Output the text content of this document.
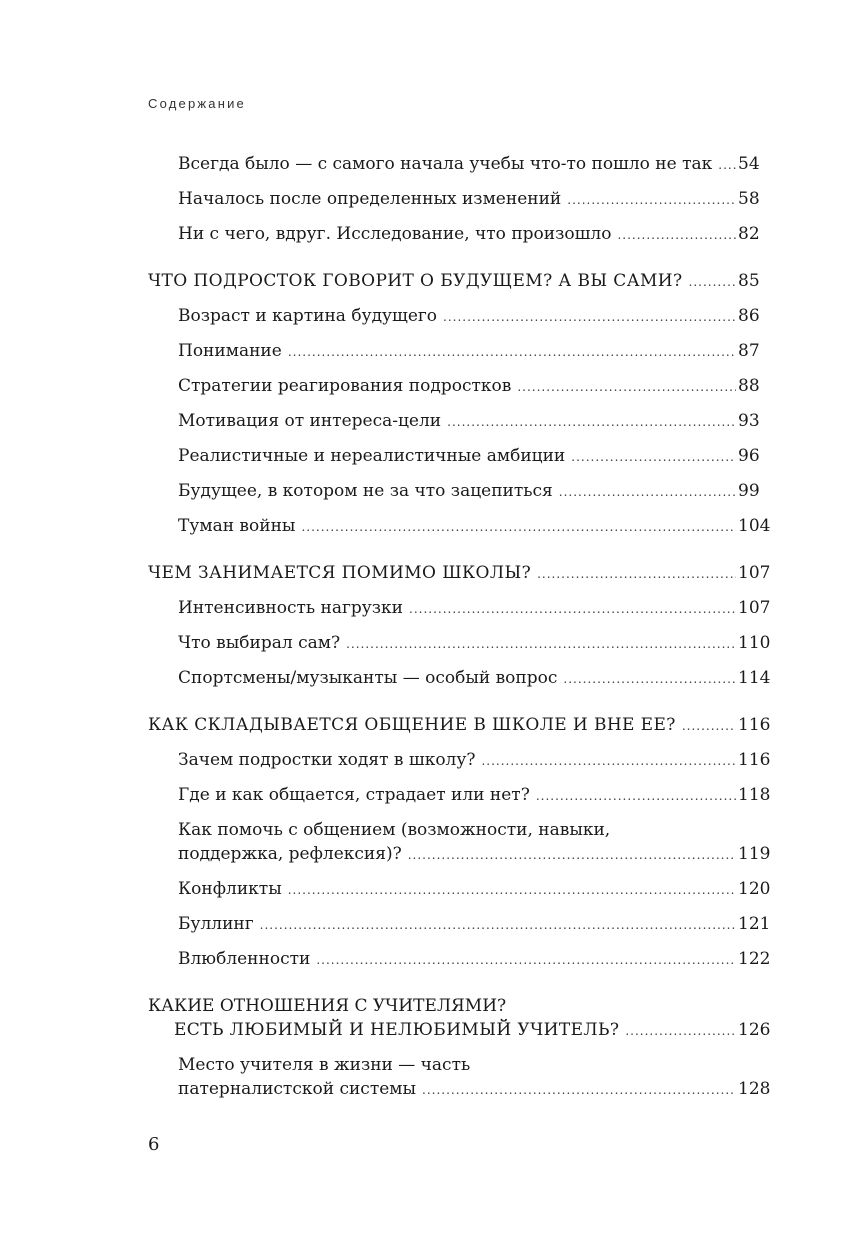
Содержание
Всегда было — с самого начала учебы что-то пошло не так ..... 54
Началось после определенных изменений .....	58
Ни с чего, вдруг. Исследование, что произошло .....	82
ЧТО ПОДРОСТОК ГОВОРИТ О БУДУЩЕМ? А ВЫ САМИ? .....	85
Возраст и картина будущего .....	86
Понимание .....	87
Стратегии реагирования подростков .....	88
Мотивация от интереса-цели .....	93
Реалистичные и нереалистичные амбиции .....	96
Будущее, в котором не за что зацепиться .....	99
Туман войны .....	104
ЧЕМ ЗАНИМАЕТСЯ ПОМИМО ШКОЛЫ? .....	107
Интенсивность нагрузки .....	107
Что выбирал сам? .....	110
Спортсмены/музыканты — особый вопрос .....	114
КАК СКЛАДЫВАЕТСЯ ОБЩЕНИЕ В ШКОЛЕ И ВНЕ ЕЕ? .....	116
Зачем подростки ходят в школу? .....	116
Где и как общается, страдает или нет? .....	118
Как помочь с общением (возможности, навыки,
поддержка, рефлексия)? .....	119
Конфликты .....	120
Буллинг .....	121
Влюбленности .....	122
КАКИЕ ОТНОШЕНИЯ С УЧИТЕЛЯМИ?
ЕСТЬ ЛЮБИМЫЙ И НЕЛЮБИМЫЙ УЧИТЕЛЬ? .....	126
Место учителя в жизни — часть
патерналистской системы .....	128
6
